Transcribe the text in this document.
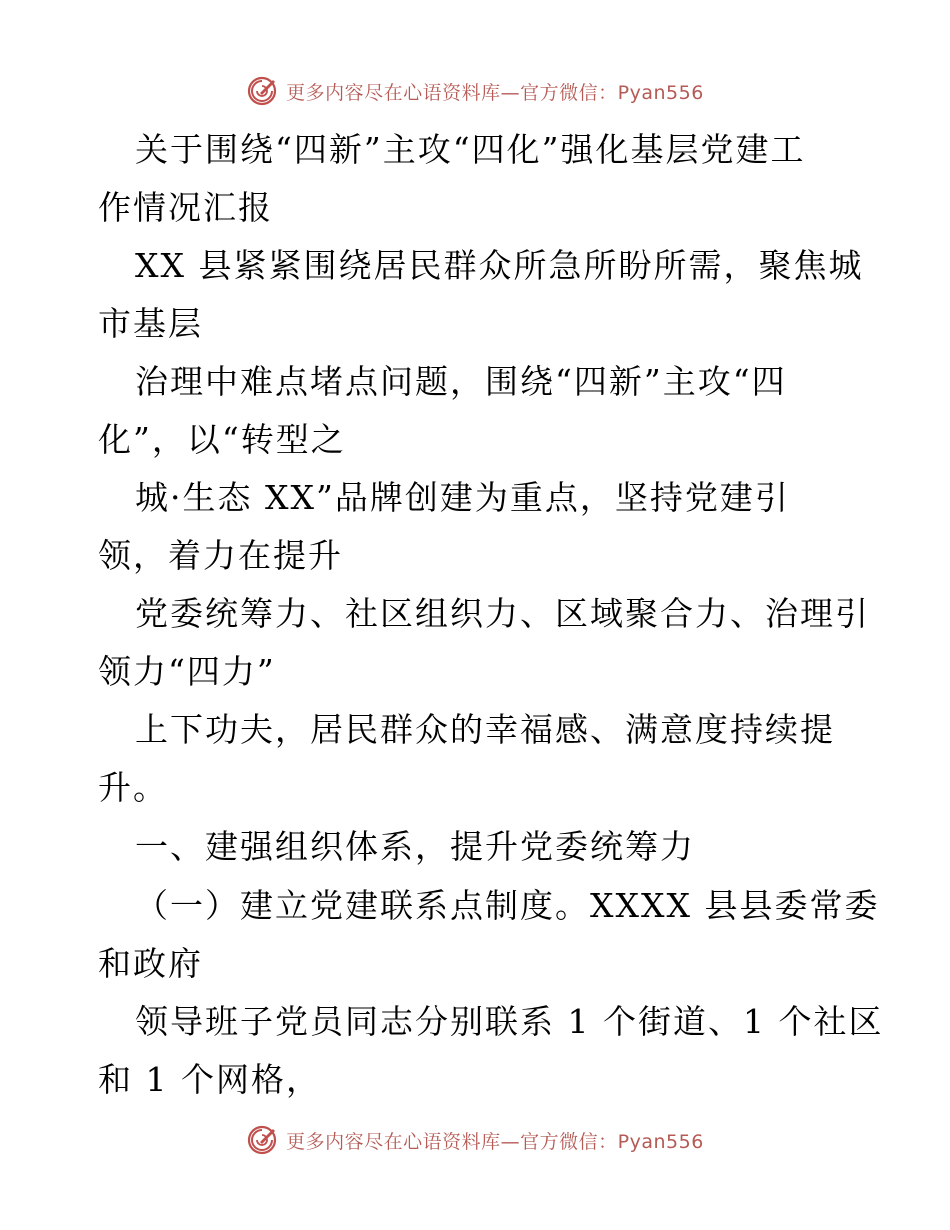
更多内容尽在心语资料库—官方微信：Pyan556
关于围绕“四新”主攻“四化”强化基层党建工
作情况汇报
XX 县紧紧围绕居民群众所急所盼所需，聚焦城
市基层
治理中难点堵点问题，围绕“四新”主攻“四
化”，以“转型之
城·生态 XX”品牌创建为重点，坚持党建引
领，着力在提升
党委统筹力、社区组织力、区域聚合力、治理引
领力“四力”
上下功夫，居民群众的幸福感、满意度持续提
升。
一、建强组织体系，提升党委统筹力
（一）建立党建联系点制度。XXXX 县县委常委
和政府
领导班子党员同志分别联系 1 个街道、1 个社区
和 1 个网格，
更多内容尽在心语资料库—官方微信：Pyan556
